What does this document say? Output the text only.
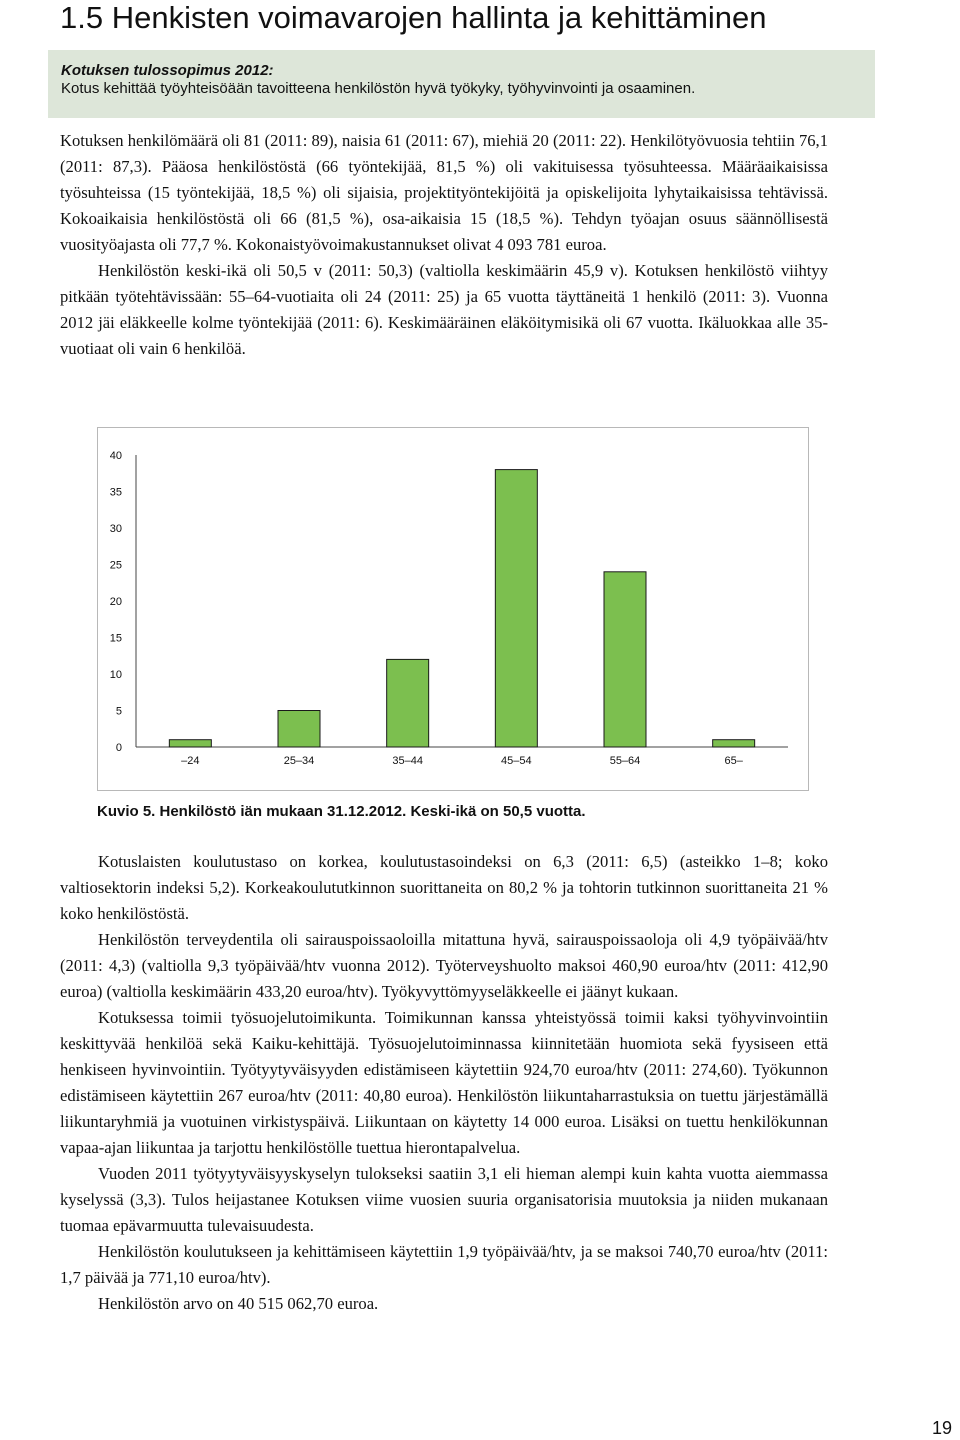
1.5 Henkisten voimavarojen hallinta ja kehittäminen
Kotuksen tulossopimus 2012:
Kotus kehittää työyhteisöään tavoitteena henkilöstön hyvä työkyky, työhyvinvointi ja osaaminen.

Kotuksen henkilömäärä oli 81 (2011: 89), naisia 61 (2011: 67), miehiä 20 (2011: 22). Henkilötyövuosia tehtiin 76,1 (2011: 87,3). Pääosa henkilöstöstä (66 työntekijää, 81,5 %) oli vakituisessa työsuhteessa. Määräaikaisissa työsuhteissa (15 työntekijää, 18,5 %) oli sijaisia, projektityöntekijöitä ja opiskelijoita lyhytaikaisissa tehtävissä. Kokoaikaisia henkilöstöstä oli 66 (81,5 %), osa-aikaisia 15 (18,5 %). Tehdyn työajan osuus säännöllisestä vuosityöajasta oli 77,7 %. Kokonaistyövoimakustannukset olivat 4 093 781 euroa.

Henkilöstön keski-ikä oli 50,5 v (2011: 50,3) (valtiolla keskimäärin 45,9 v). Kotuksen henkilöstö viihtyy pitkään työtehtävissään: 55–64-vuotiaita oli 24 (2011: 25) ja 65 vuotta täyttäneitä 1 henkilö (2011: 3). Vuonna 2012 jäi eläkkeelle kolme työntekijää (2011: 6). Keskimääräinen eläköitymisikä oli 67 vuotta. Ikäluokkaa alle 35-vuotiaat oli vain 6 henkilöä.

0
5
10
15
20
25
30
35
40
–24	25–34	35–44	45–54	55–64	65–
Kuvio 5. Henkilöstö iän mukaan 31.12.2012. Keski-ikä on 50,5 vuotta.

Kotuslaisten koulutustaso on korkea, koulutustasoindeksi on 6,3 (2011: 6,5) (asteikko 1–8; koko valtiosektorin indeksi 5,2). Korkeakoulututkinnon suorittaneita on 80,2 % ja tohtorin tutkinnon suorittaneita 21 % koko henkilöstöstä.

Henkilöstön terveydentila oli sairauspoissaoloilla mitattuna hyvä, sairauspoissaoloja oli 4,9 työpäivää/htv (2011: 4,3) (valtiolla 9,3 työpäivää/htv vuonna 2012). Työterveyshuolto maksoi 460,90 euroa/htv (2011: 412,90 euroa) (valtiolla keskimäärin 433,20 euroa/htv). Työkyvyttömyyseläkkeelle ei jäänyt kukaan.

Kotuksessa toimii työsuojelutoimikunta. Toimikunnan kanssa yhteistyössä toimii kaksi työhyvinvointiin keskittyvää henkilöä sekä Kaiku-kehittäjä. Työsuojelutoiminnassa kiinnitetään huomiota sekä fyysiseen että henkiseen hyvinvointiin. Työtyytyväisyyden edistämiseen käytettiin 924,70 euroa/htv (2011: 274,60). Työkunnon edistämiseen käytettiin 267 euroa/htv (2011: 40,80 euroa). Henkilöstön liikuntaharrastuksia on tuettu järjestämällä liikuntaryhmiä ja vuotuinen virkistyspäivä. Liikuntaan on käytetty 14 000 euroa. Lisäksi on tuettu henkilökunnan vapaa-ajan liikuntaa ja tarjottu henkilöstölle tuettua hierontapalvelua.

Vuoden 2011 työtyytyväisyyskyselyn tulokseksi saatiin 3,1 eli hieman alempi kuin kahta vuotta aiemmassa kyselyssä (3,3). Tulos heijastanee Kotuksen viime vuosien suuria organisatorisia muutoksia ja niiden mukanaan tuomaa epävarmuutta tulevaisuudesta.

Henkilöstön koulutukseen ja kehittämiseen käytettiin 1,9 työpäivää/htv, ja se maksoi 740,70 euroa/htv (2011: 1,7 päivää ja 771,10 euroa/htv).

Henkilöstön arvo on 40 515 062,70 euroa.

19
